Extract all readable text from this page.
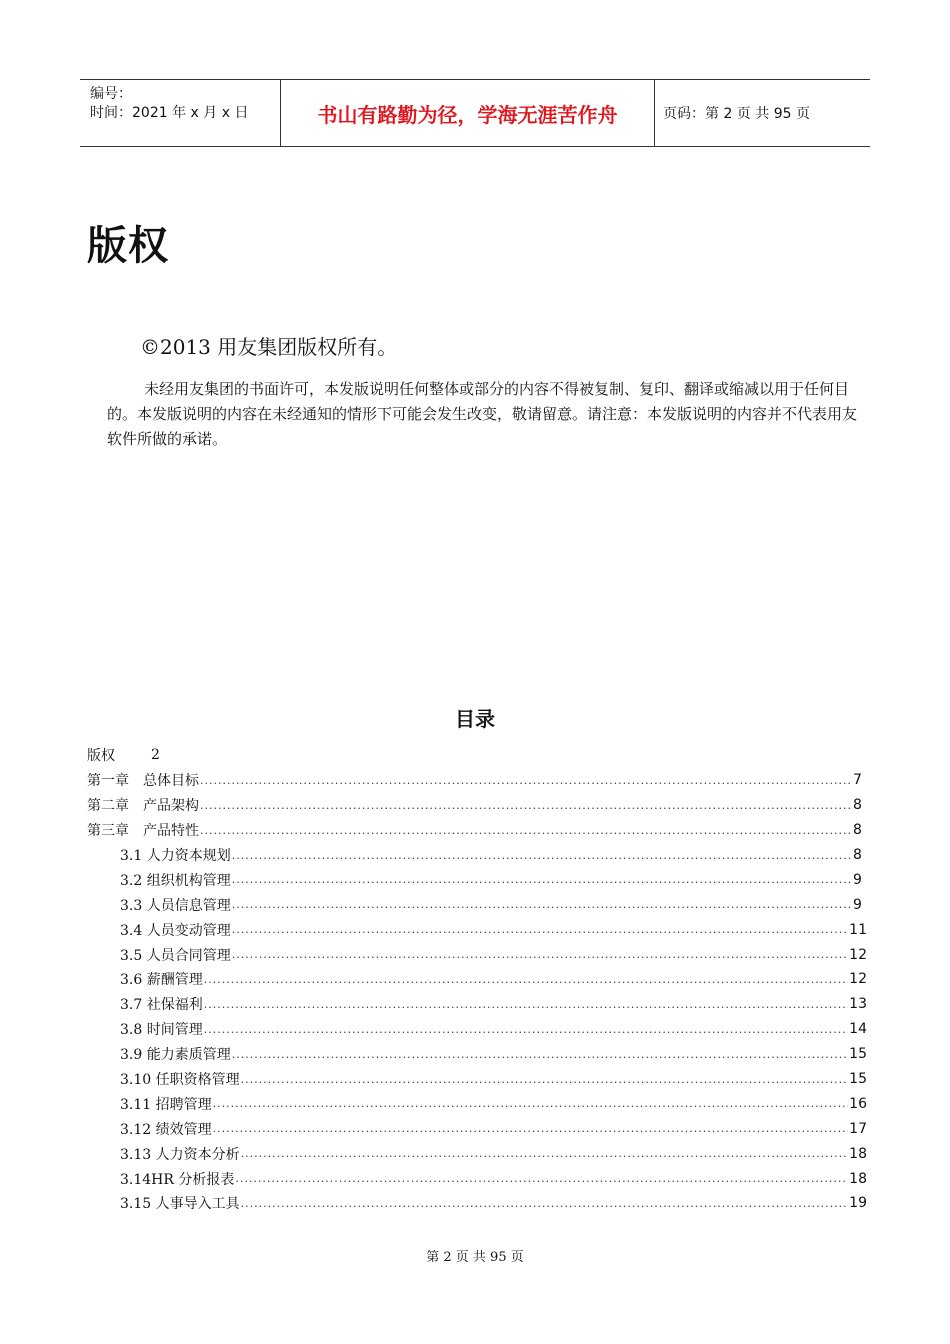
编号：
时间：2021 年 x 月 x 日	书山有路勤为径，学海无涯苦作舟	页码：第 2 页 共 95 页
版权
©2013 用友集团版权所有。
未经用友集团的书面许可，本发版说明任何整体或部分的内容不得被复制、复印、翻译或缩减以用于任何目的。本发版说明的内容在未经通知的情形下可能会发生改变，敬请留意。请注意：本发版说明的内容并不代表用友软件所做的承诺。
目录
版权	2
第一章　总体目标 .....	7
第二章　产品架构 .....	8
第三章　产品特性 .....	8
3.1 人力资本规划 .....	8
3.2 组织机构管理 .....	9
3.3 人员信息管理 .....	9
3.4 人员变动管理 .....	11
3.5 人员合同管理 .....	12
3.6 薪酬管理 .....	12
3.7 社保福利 .....	13
3.8 时间管理 .....	14
3.9 能力素质管理 .....	15
3.10 任职资格管理 .....	15
3.11 招聘管理 .....	16
3.12 绩效管理 .....	17
3.13 人力资本分析 .....	18
3.14HR 分析报表 .....	18
3.15 人事导入工具 .....	19
第 2 页 共 95 页
